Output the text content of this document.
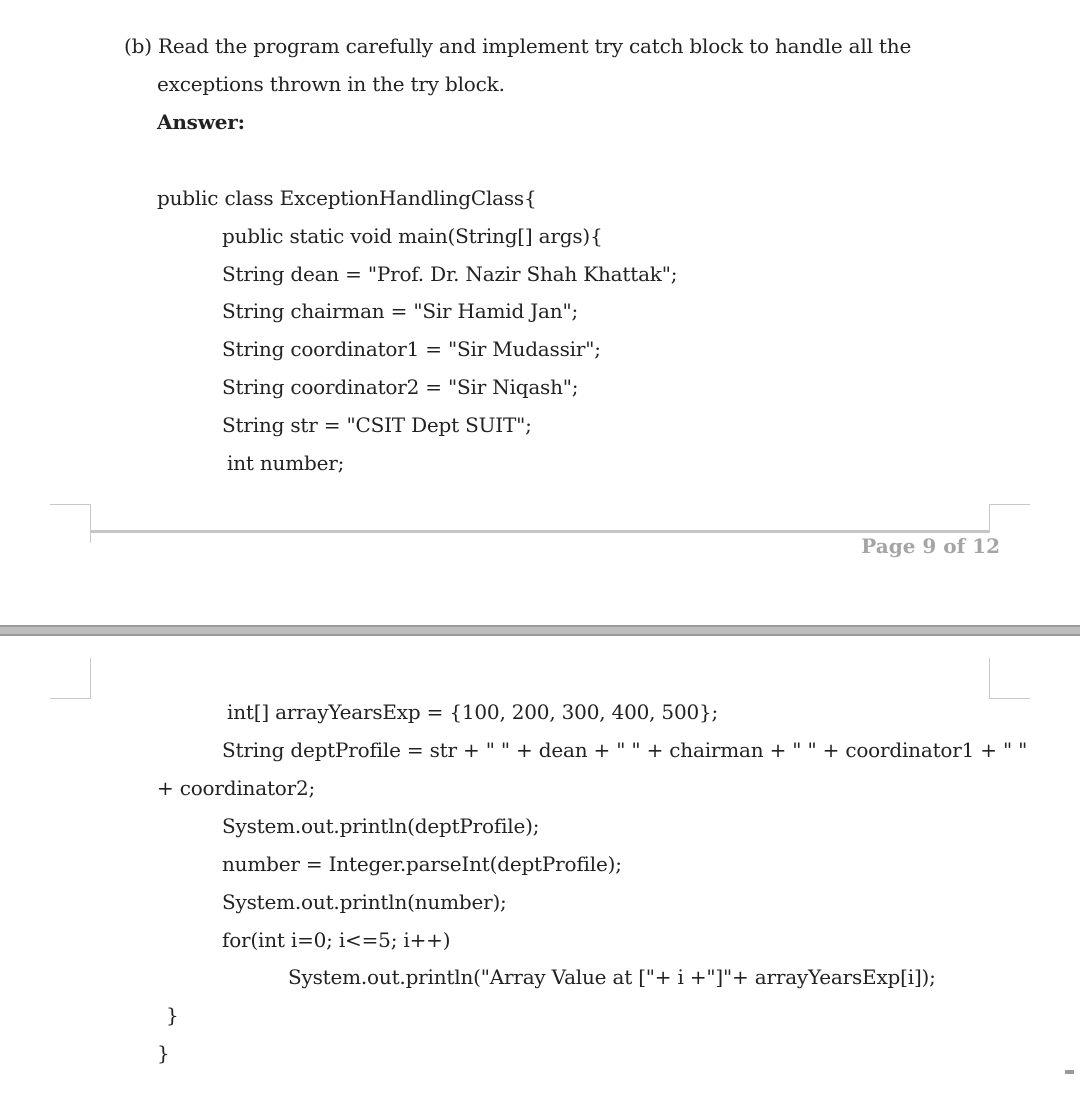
(b) Read the program carefully and implement try catch block to handle all the
exceptions thrown in the try block.
Answer:
public class ExceptionHandlingClass{
public static void main(String[] args){
String dean = "Prof. Dr. Nazir Shah Khattak";
String chairman = "Sir Hamid Jan";
String coordinator1 = "Sir Mudassir";
String coordinator2 = "Sir Niqash";
String str = "CSIT Dept SUIT";
int number;
Page 9 of 12
int[] arrayYearsExp = {100, 200, 300, 400, 500};
String deptProfile = str + " " + dean + " " + chairman + " " + coordinator1 + " "
+ coordinator2;
System.out.println(deptProfile);
number = Integer.parseInt(deptProfile);
System.out.println(number);
for(int i=0; i<=5; i++)
System.out.println("Array Value at ["+ i +"]"+ arrayYearsExp[i]);
}
}
